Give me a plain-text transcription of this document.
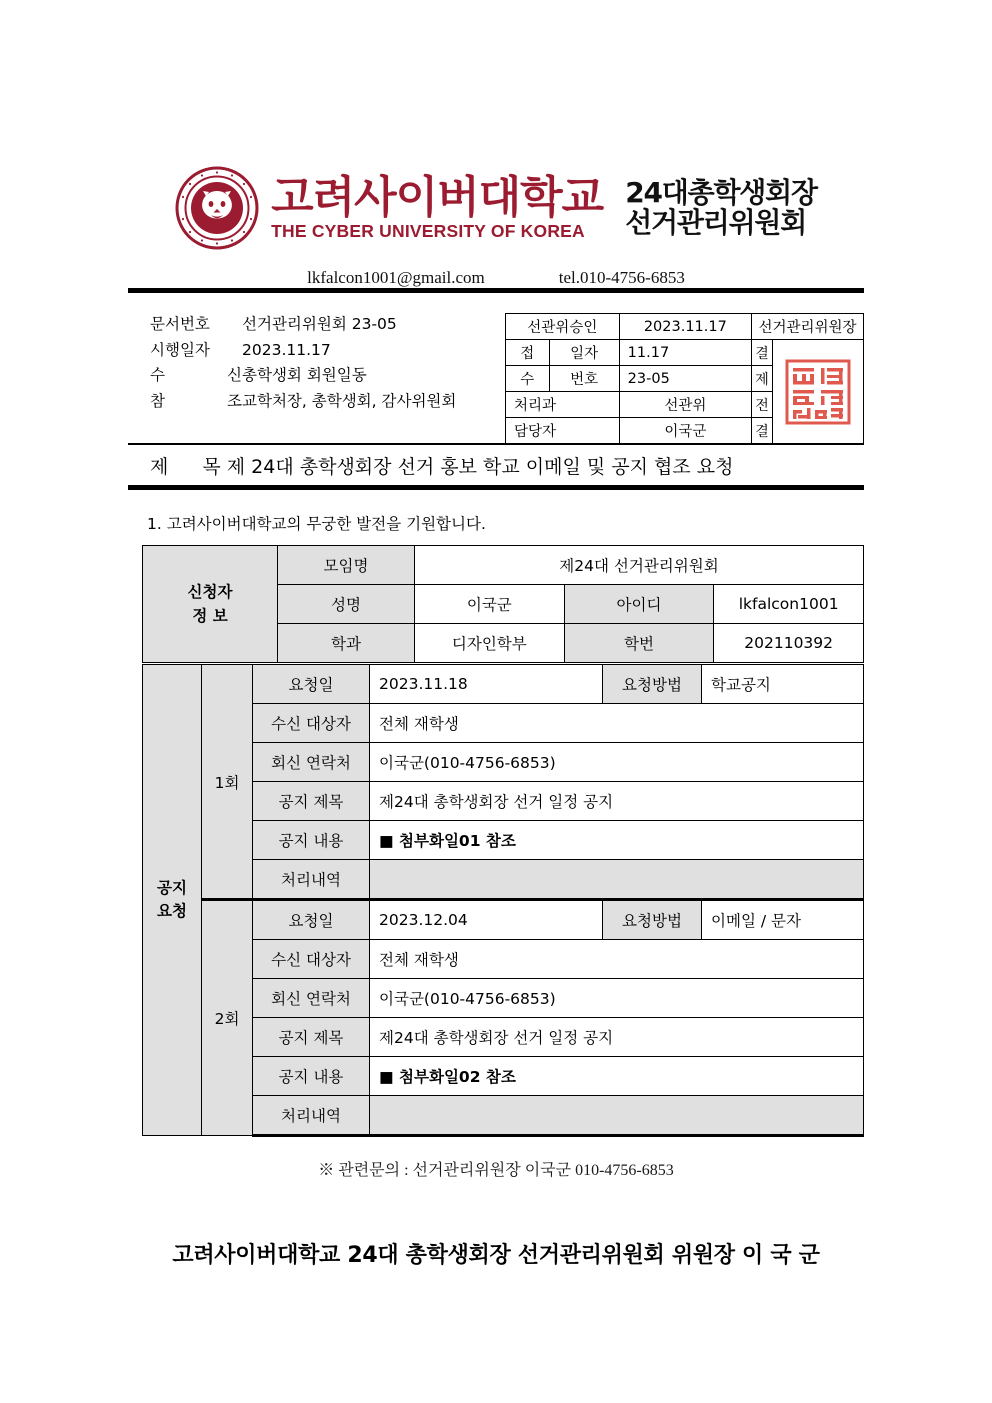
고려사이버대학교
THE CYBER UNIVERSITY OF KOREA
24대총학생회장
선거관리위원회
lkfalcon1001@gmail.com	tel.010-4756-6853
문서번호 선거관리위원회 23-05
시행일자 2023.11.17
수	신 총학생회 회원일동
참	조 교학처장, 총학생회, 감사위원회
선관위승인		2023.11.17	선거관리위원장	
접	일자	11.17	결	

수	번호	23-05	제	
처리과		선관위	전	
담당자		이국군	결	
제 목 제 24대 총학생회장 선거 홍보 학교 이메일 및 공지 협조 요청
1. 고려사이버대학교의 무궁한 발전을 기원합니다.
신청자
정 보	모임명	제24대 선거관리위원회		
	성명	이국군	아이디	lkfalcon1001
	학과	디자인학부	학번	202110392
공지
요청	1회	요청일	2023.11.18	요청방법	학교공지
		수신 대상자	전체 재학생		
		회신 연락처	이국군(010-4756-6853)		
		공지 제목	제24대 총학생회장 선거 일정 공지		
		공지 내용	■ 첨부화일01 참조		
		처리내역			
	2회	요청일	2023.12.04	요청방법	이메일 / 문자
		수신 대상자	전체 재학생		
		회신 연락처	이국군(010-4756-6853)		
		공지 제목	제24대 총학생회장 선거 일정 공지		
		공지 내용	■ 첨부화일02 참조		
		처리내역			
※ 관련문의 : 선거관리위원장 이국군 010-4756-6853
고려사이버대학교 24대 총학생회장 선거관리위원회 위원장 이 국 군
